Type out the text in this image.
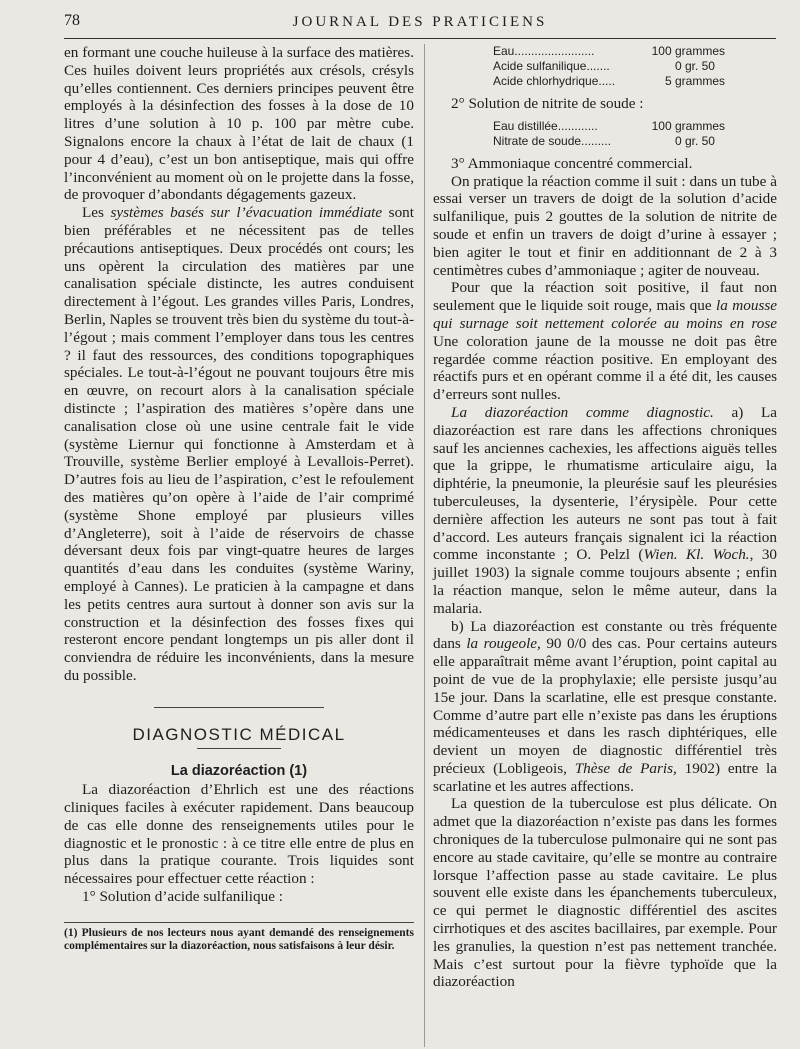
78	JOURNAL DES PRATICIENS

en formant une couche huileuse à la surface des matières. Ces huiles doivent leurs propriétés aux crésols, crésyls qu’elles contiennent. Ces derniers principes peuvent être employés à la désinfection des fosses à la dose de 10 litres d’une solution à 10 p. 100 par mètre cube. Signalons encore la chaux à l’état de lait de chaux (1 pour 4 d’eau), c’est un bon antiseptique, mais qui offre l’inconvénient au moment où on le projette dans la fosse, de provoquer d’abondants dégagements gazeux.

Les systèmes basés sur l’évacuation immédiate sont bien préférables et ne nécessitent pas de telles précautions antiseptiques. Deux procédés ont cours; les uns opèrent la circulation des matières par une canalisation spéciale distincte, les autres conduisent directement à l’égout. Les grandes villes Paris, Londres, Berlin, Naples se trouvent très bien du système du tout-à-l’égout ; mais comment l’employer dans tous les centres ? il faut des ressources, des conditions topographiques spéciales. Le tout-à-l’égout ne pouvant toujours être mis en œuvre, on recourt alors à la canalisation spéciale distincte ; l’aspiration des matières s’opère dans une canalisation close où une usine centrale fait le vide (système Liernur qui fonctionne à Amsterdam et à Trouville, système Berlier employé à Levallois-Perret). D’autres fois au lieu de l’aspiration, c’est le refoulement des matières qu’on opère à l’aide de l’air comprimé (système Shone employé par plusieurs villes d’Angleterre), soit à l’aide de réservoirs de chasse déversant deux fois par vingt-quatre heures de larges quantités d’eau dans les conduites (système Wariny, employé à Cannes). Le praticien à la campagne et dans les petits centres aura surtout à donner son avis sur la construction et la désinfection des fosses fixes qui resteront encore pendant longtemps un pis aller dont il conviendra de réduire les inconvénients, dans la mesure du possible.

DIAGNOSTIC MÉDICAL
La diazoréaction (1)

La diazoréaction d’Ehrlich est une des réactions cliniques faciles à exécuter rapidement. Dans beaucoup de cas elle donne des renseignements utiles pour le diagnostic et le pronostic : à ce titre elle entre de plus en plus dans la pratique courante. Trois liquides sont nécessaires pour effectuer cette réaction :

1° Solution d’acide sulfanilique :

(1) Plusieurs de nos lecteurs nous ayant demandé des renseignements complémentaires sur la diazoréaction, nous satisfaisons à leur désir.

Eau........................	100 grammes
Acide sulfanilique.......	0 gr. 50
Acide chlorhydrique.....	5 grammes

2° Solution de nitrite de soude :

Eau distillée............	100 grammes
Nitrate de soude.........	0 gr. 50

3° Ammoniaque concentré commercial.

On pratique la réaction comme il suit : dans un tube à essai verser un travers de doigt de la solution d’acide sulfanilique, puis 2 gouttes de la solution de nitrite de soude et enfin un travers de doigt d’urine à essayer ; bien agiter le tout et finir en additionnant de 2 à 3 centimètres cubes d’ammoniaque ; agiter de nouveau.

Pour que la réaction soit positive, il faut non seulement que le liquide soit rouge, mais que la mousse qui surnage soit nettement colorée au moins en rose Une coloration jaune de la mousse ne doit pas être regardée comme réaction positive. En employant des réactifs purs et en opérant comme il a été dit, les causes d’erreurs sont nulles.

La diazoréaction comme diagnostic. a) La diazoréaction est rare dans les affections chroniques sauf les anciennes cachexies, les affections aiguës telles que la grippe, le rhumatisme articulaire aigu, la diphtérie, la pneumonie, la pleurésie sauf les pleurésies tuberculeuses, la dysenterie, l’érysipèle. Pour cette dernière affection les auteurs ne sont pas tout à fait d’accord. Les auteurs français signalent ici la réaction comme inconstante ; O. Pelzl (Wien. Kl. Woch., 30 juillet 1903) la signale comme toujours absente ; enfin la réaction manque, selon le même auteur, dans la malaria.

b) La diazoréaction est constante ou très fréquente dans la rougeole, 90 0/0 des cas. Pour certains auteurs elle apparaîtrait même avant l’éruption, point capital au point de vue de la prophylaxie; elle persiste jusqu’au 15e jour. Dans la scarlatine, elle est presque constante. Comme d’autre part elle n’existe pas dans les éruptions médicamenteuses et dans les rasch diphtériques, elle devient un moyen de diagnostic différentiel très précieux (Lobligeois, Thèse de Paris, 1902) entre la scarlatine et les autres affections.

La question de la tuberculose est plus délicate. On admet que la diazoréaction n’existe pas dans les formes chroniques de la tuberculose pulmonaire qui ne sont pas encore au stade cavitaire, qu’elle se montre au contraire lorsque l’affection passe au stade cavitaire. Le plus souvent elle existe dans les épanchements tuberculeux, ce qui permet le diagnostic différentiel des ascites cirrhotiques et des ascites bacillaires, par exemple. Pour les granulies, la question n’est pas nettement tranchée. Mais c’est surtout pour la fièvre typhoïde que la diazoréaction
